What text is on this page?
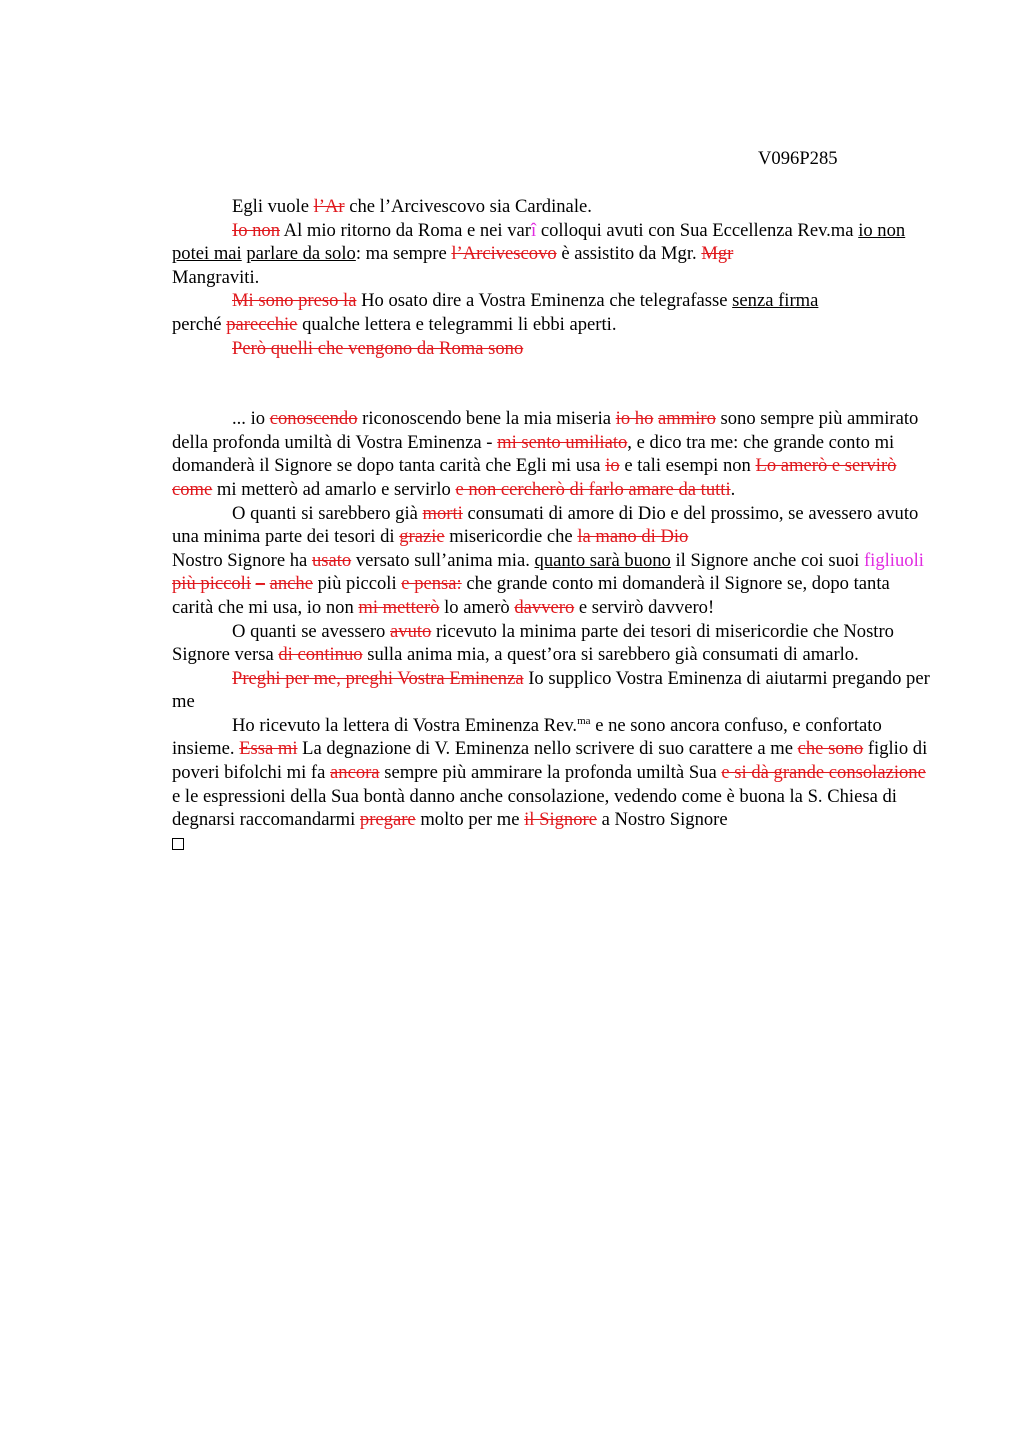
V096P285

Egli vuole l’Ar che l’Arcivescovo sia Cardinale.

Io non Al mio ritorno da Roma e nei varî colloqui avuti con Sua Eccellenza Rev.ma io non potei mai parlare da solo: ma sempre l’Arcivescovo è assistito da Mgr. Mgr
Mangraviti.

Mi sono preso la Ho osato dire a Vostra Eminenza che telegrafasse senza firma
perché parecchie qualche lettera e telegrammi li ebbi aperti.

Però quelli che vengono da Roma sono

... io conoscendo riconoscendo bene la mia miseria io ho ammiro sono sempre più ammirato della profonda umiltà di Vostra Eminenza - mi sento umiliato, e dico tra me: che grande conto mi domanderà il Signore se dopo tanta carità che Egli mi usa io e tali esempi non Lo amerò e servirò come mi metterò ad amarlo e servirlo e non cercherò di farlo amare da tutti.

O quanti si sarebbero già morti consumati di amore di Dio e del prossimo, se avessero avuto una minima parte dei tesori di grazie misericordie che la mano di Dio
Nostro Signore ha usato versato sull’anima mia. quanto sarà buono il Signore anche coi suoi figliuoli più piccoli – anche più piccoli e pensa: che grande conto mi domanderà il Signore se, dopo tanta carità che mi usa, io non mi metterò lo amerò davvero e servirò davvero!

O quanti se avessero avuto ricevuto la minima parte dei tesori di misericordie che Nostro Signore versa di continuo sulla anima mia, a quest’ora si sarebbero già consumati di amarlo.

Preghi per me, preghi Vostra Eminenza Io supplico Vostra Eminenza di aiutarmi pregando per me

Ho ricevuto la lettera di Vostra Eminenza Rev.$^{ma}$ e ne sono ancora confuso, e confortato insieme. Essa mi La degnazione di V. Eminenza nello scrivere di suo carattere a me che sono figlio di poveri bifolchi mi fa ancora sempre più ammirare la profonda umiltà Sua e si dà grande consolazione e le espressioni della Sua bontà danno anche consolazione, vedendo come è buona la S. Chiesa di degnarsi raccomandarmi pregare molto per me il Signore a Nostro Signore
